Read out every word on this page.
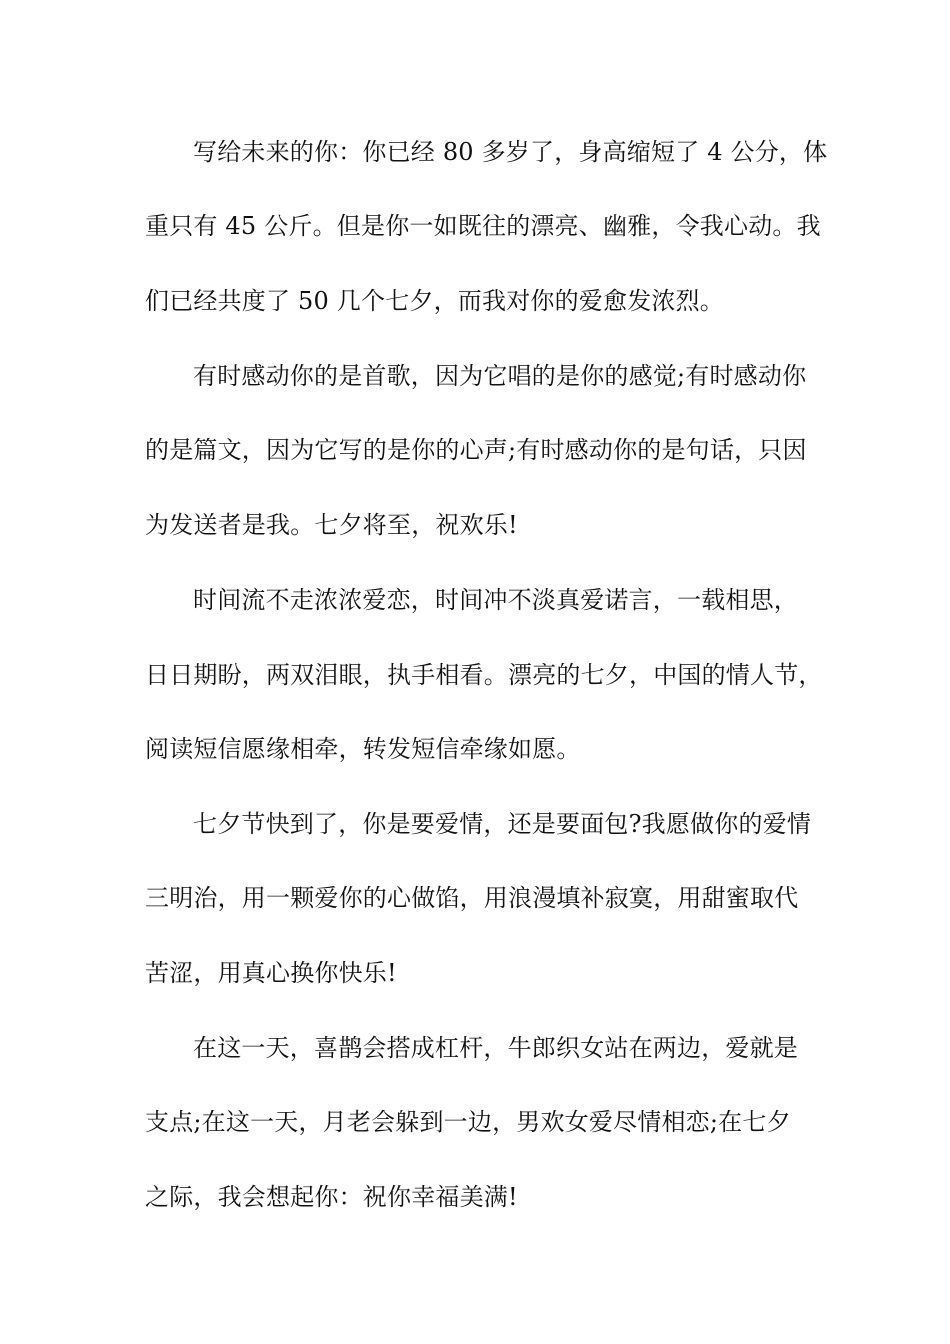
写给未来的你：你已经 80 多岁了，身高缩短了 4 公分，体
重只有 45 公斤。但是你一如既往的漂亮、幽雅，令我心动。我
们已经共度了 50 几个七夕，而我对你的爱愈发浓烈。
有时感动你的是首歌，因为它唱的是你的感觉;有时感动你
的是篇文，因为它写的是你的心声;有时感动你的是句话，只因
为发送者是我。七夕将至，祝欢乐!
时间流不走浓浓爱恋，时间冲不淡真爱诺言，一载相思，
日日期盼，两双泪眼，执手相看。漂亮的七夕，中国的情人节，
阅读短信愿缘相牵，转发短信牵缘如愿。
七夕节快到了，你是要爱情，还是要面包?我愿做你的爱情
三明治，用一颗爱你的心做馅，用浪漫填补寂寞，用甜蜜取代
苦涩，用真心换你快乐!
在这一天，喜鹊会搭成杠杆，牛郎织女站在两边，爱就是
支点;在这一天，月老会躲到一边，男欢女爱尽情相恋;在七夕
之际，我会想起你：祝你幸福美满!
